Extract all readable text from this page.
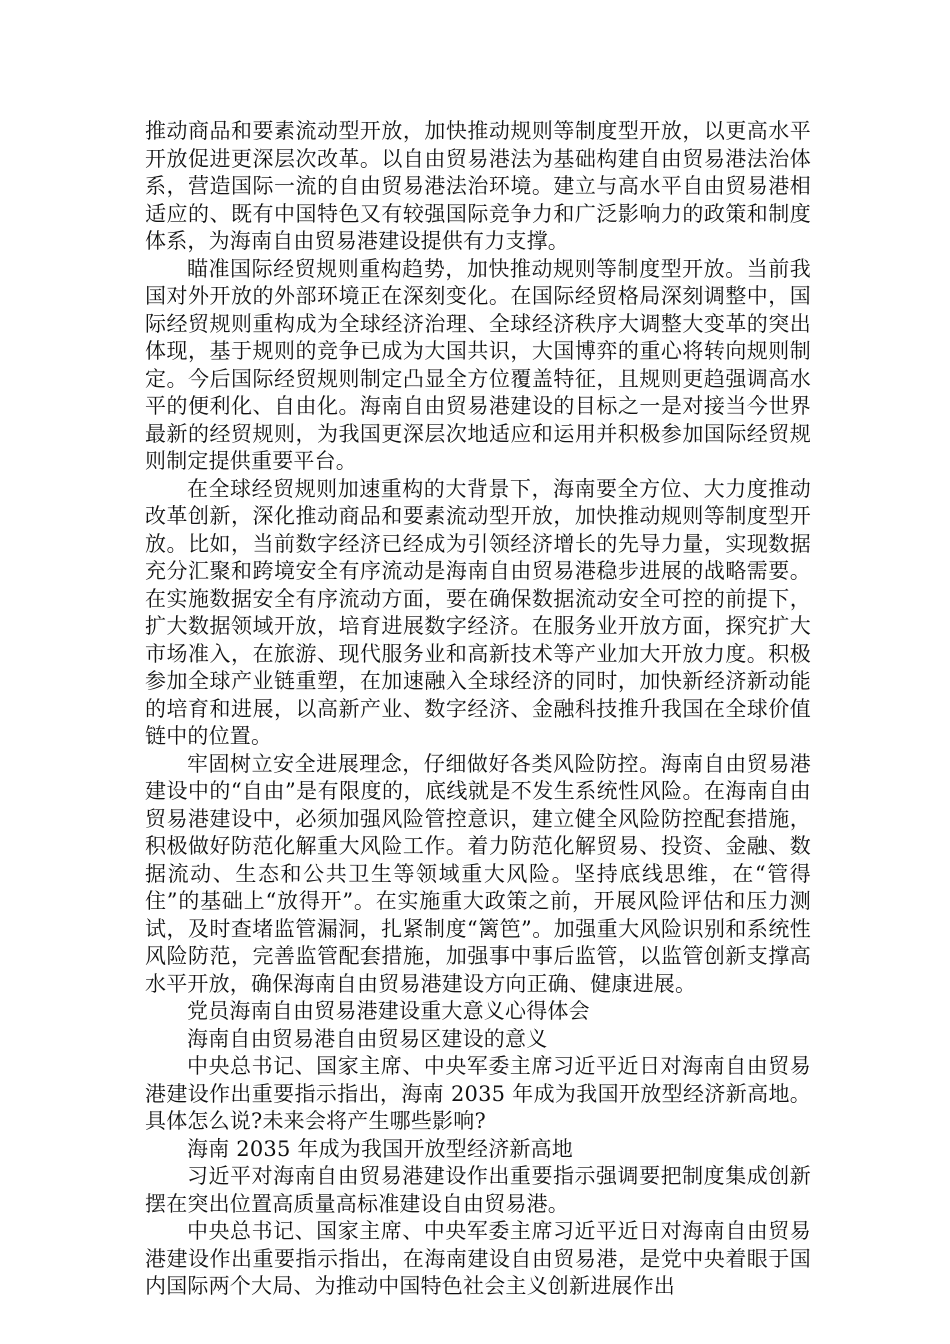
推动商品和要素流动型开放，加快推动规则等制度型开放，以更高水平开放促进更深层次改革。以自由贸易港法为基础构建自由贸易港法治体系，营造国际一流的自由贸易港法治环境。建立与高水平自由贸易港相适应的、既有中国特色又有较强国际竞争力和广泛影响力的政策和制度体系，为海南自由贸易港建设提供有力支撑。

瞄准国际经贸规则重构趋势，加快推动规则等制度型开放。当前我国对外开放的外部环境正在深刻变化。在国际经贸格局深刻调整中，国际经贸规则重构成为全球经济治理、全球经济秩序大调整大变革的突出体现，基于规则的竞争已成为大国共识，大国博弈的重心将转向规则制定。今后国际经贸规则制定凸显全方位覆盖特征，且规则更趋强调高水平的便利化、自由化。海南自由贸易港建设的目标之一是对接当今世界最新的经贸规则，为我国更深层次地适应和运用并积极参加国际经贸规则制定提供重要平台。

在全球经贸规则加速重构的大背景下，海南要全方位、大力度推动改革创新，深化推动商品和要素流动型开放，加快推动规则等制度型开放。比如，当前数字经济已经成为引领经济增长的先导力量，实现数据充分汇聚和跨境安全有序流动是海南自由贸易港稳步进展的战略需要。在实施数据安全有序流动方面，要在确保数据流动安全可控的前提下，扩大数据领域开放，培育进展数字经济。在服务业开放方面，探究扩大市场准入，在旅游、现代服务业和高新技术等产业加大开放力度。积极参加全球产业链重塑，在加速融入全球经济的同时，加快新经济新动能的培育和进展，以高新产业、数字经济、金融科技推升我国在全球价值链中的位置。

牢固树立安全进展理念，仔细做好各类风险防控。海南自由贸易港建设中的“自由”是有限度的，底线就是不发生系统性风险。在海南自由贸易港建设中，必须加强风险管控意识，建立健全风险防控配套措施，积极做好防范化解重大风险工作。着力防范化解贸易、投资、金融、数据流动、生态和公共卫生等领域重大风险。坚持底线思维，在“管得住”的基础上“放得开”。在实施重大政策之前，开展风险评估和压力测试，及时查堵监管漏洞，扎紧制度“篱笆”。加强重大风险识别和系统性风险防范，完善监管配套措施，加强事中事后监管，以监管创新支撑高水平开放，确保海南自由贸易港建设方向正确、健康进展。

党员海南自由贸易港建设重大意义心得体会

海南自由贸易港自由贸易区建设的意义

中央总书记、国家主席、中央军委主席习近平近日对海南自由贸易港建设作出重要指示指出，海南 2035 年成为我国开放型经济新高地。具体怎么说?未来会将产生哪些影响?

海南 2035 年成为我国开放型经济新高地

习近平对海南自由贸易港建设作出重要指示强调要把制度集成创新摆在突出位置高质量高标准建设自由贸易港。

中央总书记、国家主席、中央军委主席习近平近日对海南自由贸易港建设作出重要指示指出，在海南建设自由贸易港，是党中央着眼于国内国际两个大局、为推动中国特色社会主义创新进展作出
